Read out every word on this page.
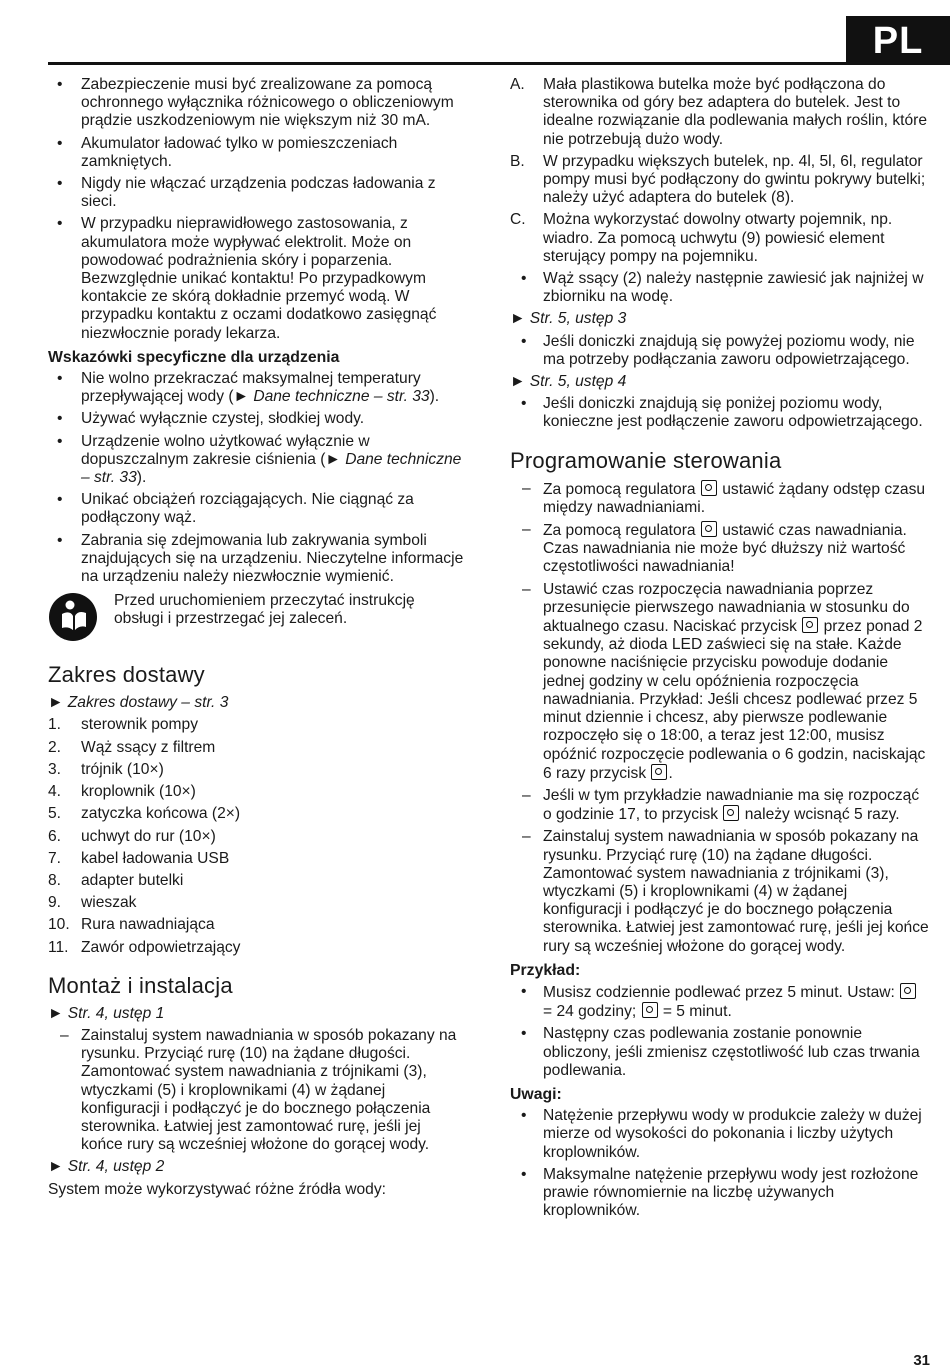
PL
•	Zabezpieczenie musi być zrealizowane za pomocą ochronnego wyłącznika różnicowego o obliczeniowym prądzie uszkodzeniowym nie większym niż 30 mA.
•	Akumulator ładować tylko w pomieszczeniach zamkniętych.
•	Nigdy nie włączać urządzenia podczas ładowania z sieci.
•	W przypadku nieprawidłowego zastosowania, z akumulatora może wypływać elektrolit. Może on powodować podrażnienia skóry i poparzenia. Bezwzględnie unikać kontaktu! Po przypadkowym kontakcie ze skórą dokładnie przemyć wodą. W przypadku kontaktu z oczami dodatkowo zasięgnąć niezwłocznie porady lekarza.
Wskazówki specyficzne dla urządzenia
•	Nie wolno przekraczać maksymalnej temperatury przepływającej wody (► Dane techniczne – str. 33).
•	Używać wyłącznie czystej, słodkiej wody.
•	Urządzenie wolno użytkować wyłącznie w dopuszczalnym zakresie ciśnienia (► Dane techniczne – str. 33).
•	Unikać obciążeń rozciągających. Nie ciągnąć za podłączony wąż.
•	Zabrania się zdejmowania lub zakrywania symboli znajdujących się na urządzeniu. Nieczytelne informacje na urządzeniu należy niezwłocznie wymienić.
Przed uruchomieniem przeczytać instrukcję obsługi i przestrzegać jej zaleceń.
Zakres dostawy
► Zakres dostawy – str. 3
1.	sterownik pompy
2.	Wąż ssący z filtrem
3.	trójnik (10×)
4.	kroplownik (10×)
5.	zatyczka końcowa (2×)
6.	uchwyt do rur (10×)
7.	kabel ładowania USB
8.	adapter butelki
9.	wieszak
10. Rura nawadniająca
11. Zawór odpowietrzający
Montaż i instalacja
► Str. 4, ustęp 1
– Zainstaluj system nawadniania w sposób pokazany na rysunku. Przyciąć rurę (10) na żądane długości. Zamontować system nawadniania z trójnikami (3), wtyczkami (5) i kroplownikami (4) w żądanej konfiguracji i podłączyć je do bocznego połączenia sterownika. Łatwiej jest zamontować rurę, jeśli jej końce rury są wcześniej włożone do gorącej wody.
► Str. 4, ustęp 2

System może wykorzystywać różne źródła wody:

A.	Mała plastikowa butelka może być podłączona do sterownika od góry bez adaptera do butelek. Jest to idealne rozwiązanie dla podlewania małych roślin, które nie potrzebują dużo wody.
B.	W przypadku większych butelek, np. 4l, 5l, 6l, regulator pompy musi być podłączony do gwintu pokrywy butelki; należy użyć adaptera do butelek (8).
C.	Można wykorzystać dowolny otwarty pojemnik, np. wiadro. Za pomocą uchwytu (9) powiesić element sterujący pompy na pojemniku.
•	Wąż ssący (2) należy następnie zawiesić jak najniżej w zbiorniku na wodę.
► Str. 5, ustęp 3
•	Jeśli doniczki znajdują się powyżej poziomu wody, nie ma potrzeby podłączania zaworu odpowietrzającego.
► Str. 5, ustęp 4
•	Jeśli doniczki znajdują się poniżej poziomu wody, konieczne jest podłączenie zaworu odpowietrzającego.
Programowanie sterowania
– Za pomocą regulatora  ustawić żądany odstęp czasu między nawadnianiami.
– Za pomocą regulatora  ustawić czas nawadniania. Czas nawadniania nie może być dłuższy niż wartość częstotliwości nawadniania!
– Ustawić czas rozpoczęcia nawadniania poprzez przesunięcie pierwszego nawadniania w stosunku do aktualnego czasu. Naciskać przycisk  przez ponad 2 sekundy, aż dioda LED zaświeci się na stałe. Każde ponowne naciśnięcie przycisku powoduje dodanie jednej godziny w celu opóźnienia rozpoczęcia nawadniania. Przykład: Jeśli chcesz podlewać przez 5 minut dziennie i chcesz, aby pierwsze podlewanie rozpoczęło się o 18:00, a teraz jest 12:00, musisz opóźnić rozpoczęcie podlewania o 6 godzin, naciskając 6 razy przycisk .
– Jeśli w tym przykładzie nawadnianie ma się rozpocząć o godzinie 17, to przycisk  należy wcisnąć 5 razy.
– Zainstaluj system nawadniania w sposób pokazany na rysunku. Przyciąć rurę (10) na żądane długości. Zamontować system nawadniania z trójnikami (3), wtyczkami (5) i kroplownikami (4) w żądanej konfiguracji i podłączyć je do bocznego połączenia sterownika. Łatwiej jest zamontować rurę, jeśli jej końce rury są wcześniej włożone do gorącej wody.
Przykład:
•	Musisz codziennie podlewać przez 5 minut. Ustaw:  = 24 godziny;  = 5 minut.
•	Następny czas podlewania zostanie ponownie obliczony, jeśli zmienisz częstotliwość lub czas trwania podlewania.
Uwagi:
•	Natężenie przepływu wody w produkcie zależy w dużej mierze od wysokości do pokonania i liczby użytych kroplowników.
•	Maksymalne natężenie przepływu wody jest rozłożone prawie równomiernie na liczbę używanych kroplowników.
31
